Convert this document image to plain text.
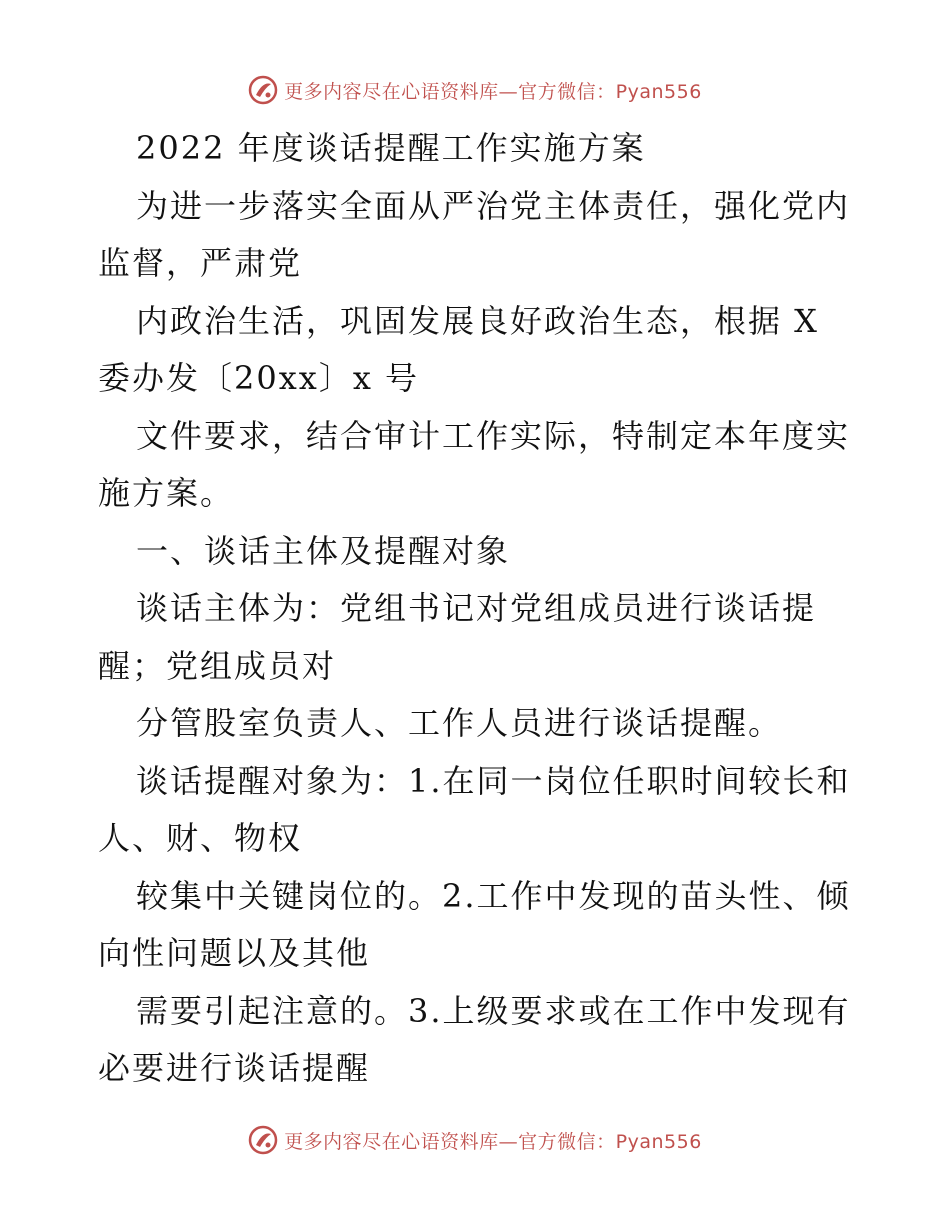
更多内容尽在心语资料库—官方微信：Pyan556
2022 年度谈话提醒工作实施方案
为进一步落实全面从严治党主体责任，强化党内
监督，严肃党
内政治生活，巩固发展良好政治生态，根据 X
委办发〔20xx〕x 号
文件要求，结合审计工作实际，特制定本年度实
施方案。
一、谈话主体及提醒对象
谈话主体为：党组书记对党组成员进行谈话提
醒；党组成员对
分管股室负责人、工作人员进行谈话提醒。
谈话提醒对象为：1.在同一岗位任职时间较长和
人、财、物权
较集中关键岗位的。2.工作中发现的苗头性、倾
向性问题以及其他
需要引起注意的。3.上级要求或在工作中发现有
必要进行谈话提醒
更多内容尽在心语资料库—官方微信：Pyan556
